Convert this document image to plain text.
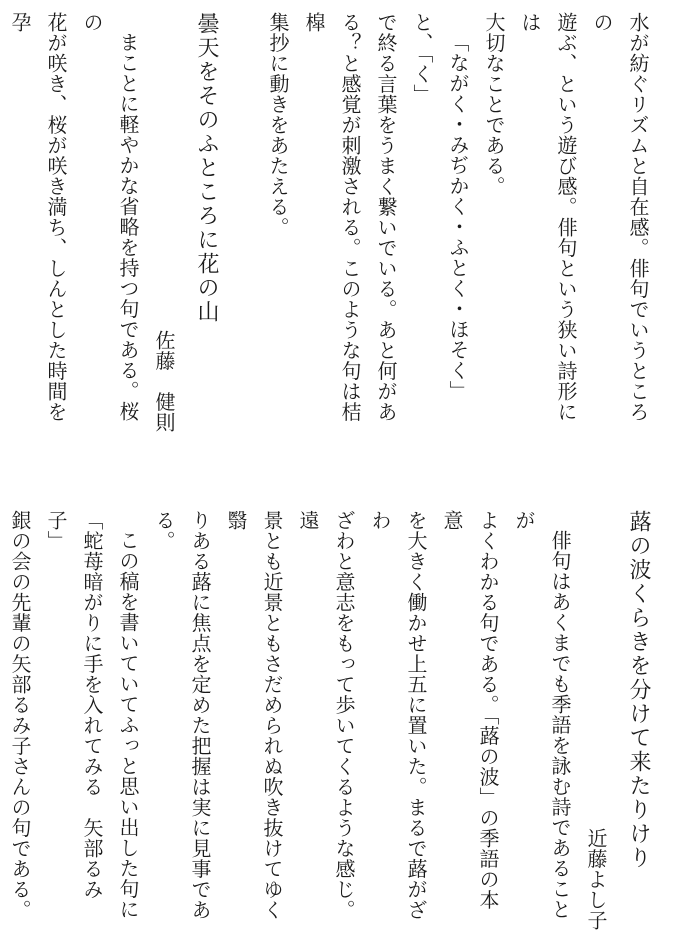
水が紡ぐリズムと自在感。俳句でいうところの
遊ぶ、という遊び感。俳句という狭い詩形には
大切なことである。

「ながく・みぢかく・ふとく・ほそく」と、「く」
で終る言葉をうまく繋いでいる。あと何があ
る？と感覚が刺激される。このような句は桔槹
集抄に動きをあたえる。

曇天をそのふところに花の山

佐藤　健則

まことに軽やかな省略を持つ句である。桜の
花が咲き、桜が咲き満ち、しんとした時間を孕

蕗の波くらきを分けて来たりけり

近藤よし子

俳句はあくまでも季語を詠む詩であることが
よくわかる句である。「蕗の波」の季語の本意
を大きく働かせ上五に置いた。まるで蕗がざわ
ざわと意志をもって歩いてくるような感じ。遠
景とも近景ともさだめられぬ吹き抜けてゆく翳
りある蕗に焦点を定めた把握は実に見事であ
る。

この稿を書いていてふっと思い出した句に
「蛇苺暗がりに手を入れてみる　矢部るみ子」
銀の会の先輩の矢部るみ子さんの句である。
